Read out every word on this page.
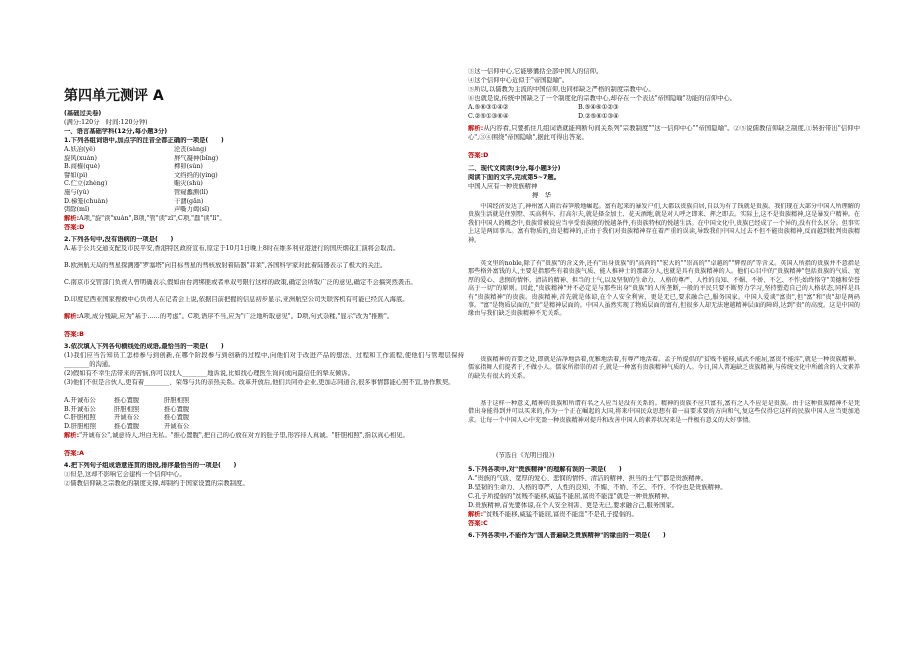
第四单元测评 A
(基础过关卷)
(满分:120分　时间:120分钟)
一、语言基础学科(12分,每小题3分)
1.下列各组词语中,加点字的注音全都正确的一项是(　　)
A.妖冶(yě)	沦丧(sàng)
旋风(xuán)	屏气凝神(bǐng)
B.商榷(què)	榫卯(sǔn)
譬如(pì)	文绉绉的(yíng)
C.伫立(zhèng)	赈灾(shù)
施与(yǔ)	管窥蠡测(lǐ)
D.梯笼(chuàn)	干涸(gān)
弭除(mǐ)	声嘶力竭(sī)
解析:A项,"旋"读"xuàn",B项,"管"读"zǐ",C项,"蠢"读"lǐ"。
答案:D
2.下列各句中,没有语病的一项是(　　)
A.基于公共交通支配及市民平安,香港特区政府宣布,原定于10月1日晚上8时在维多利亚港进行的国庆烟花汇演将会取消。
B.欧洲航天局的彗星探测器"罗塞塔"向目标彗星的彗核放射着陆器"菲莱",各国科学家对此着陆器表示了极大的关注。
C.南京市交管部门负责人曾明确表示,假如由台湾绑匪或者单双号限行这样的政策,确定会所取广泛的意见,确定不会搞突然袭击。
D.印度尼西亚国家搜救中心负责人在记者会上说,依据目前把握的信息初步显示,亚洲航空公司失联客机有可能已经沉入海底。
解析:A项,成分残缺,应为"基于……的考虑"。C项,语序不当,应为"广泛地听取意见"。D项,句式杂糅,"显示"改为"推断"。
答案:B
3.依次填入下列各句横线处的成语,最恰当的一项是(　　)
(1)我们应当告知员工怎样参与到创新,在哪个阶段参与到创新的过程中,向他们对于改进产品的想法、过程和工作流程,使他们与管理层保持________的沟通。
(2)假如有不幸生活带来的苦恼,你可以找人________地诉说,比如找心理医生询问或向最信任的挚友倾诉。
(3)他们不但是合伙人,更有着________、荣辱与共的亲热关系。改革开放后,他们共同办企业,更加志同道合,很多事情都能心照不宣,协作默契。
A.开诚布公	推心置腹	肝胆相照
B.开诚布公	肝胆相照	推心置腹
C.肝胆相照	开诚布公	推心置腹
D.肝胆相照	推心置腹	开诚布公
解析:"开诚布公",诚意待人,坦白无私。"推心置腹",把自己的心放在对方的肚子里,形容待人真诚。"肝胆相照",指以真心相见。
答案:A
4.把下列句子组成语意连贯的语段,排序最恰当的一项是(　　)
①但是,这却不影响它会建构一个信仰中心。
②儒教信仰缺乏宗教化的制度支撑,却制约于国家设置的宗教制度。
③这一信仰中心,它能够囊括全部中国人的信仰。
④这个信仰中心近似于"帝国隐喻"。
⑤所以,以儒教为主流的中国信仰,也同样缺乏严格的制度宗教中心。
⑥也就是说,传统中国缺乏了一个制度化的宗教中心,却存在一个表达"帝国隐喻"功能的信仰中心。
A.⑤⑥③①④②	B.⑤④⑥①②③
C.②⑤①③⑥④	D.②⑤⑥①③④
解析:从内容看,只要抓住几组词语就能判断句间关系列"宗教制度""这一信仰中心""帝国隐喻"。②⑤说儒教信仰缺乏制度,①转折带出"信仰中心",③④围绕"帝国隐喻",据此可得出答案。
答案:D
二、现代文阅读(9分,每小题3分)
阅读下面的文字,完成第5~7题。
中国人应有一种贵族精神
搏　华
中国经济发达了,神州富人雨后春笋般地崛起。富有起来的暴发户们,大都以贵族自居,自以为有了钱就是贵族。我们现在大部分中国人所理解的贵族生活就是住别墅、买高利车、打高尔夫,就是择金加土、花天酒地,就是对人呼之即来、挥之即去。实际上,这不是贵族精神,这是暴发户精神。在我们中国人的概念中,贵族常被说应当享受贵族般的悦越条件,有贵族特权的悦越生活。在中国文化中,贵族已经成了一个异的,没有什么区分。但事实上这是两回事儿。富有物质的,贵是精神的,正由于我们对贵族精神存在着严重的误读,导致我们中国人过去不但不能贵族精神,反而越到批判贵族精神。
英文里的noble,除了有"贵族"的含义外,还有"出身贵族"的"高尚的""宏大的""崇高的""卓越的""辉煌的"等含义。英国人所指的贵族并不意指是那些格外富钱的人,主要是指那些有着贵族气质、能人推神士的那部分人,也就是具有贵族精神的人。他们心目中的"贵族精神"包括贵族的气质、宽厚的爱心、悲悯的情怀、清洁的精神、担当的士气,以及坚韧的生命力、人格的尊严、人性的良知、不媚、不娇、不乞、不怍;始终恪守"美德和荣誉高于一切"的原则。因此,"贵族精神"并不必定是与那些出身"贵族"的人所垄断,一般的平民只要不断努力学习,坚持塑造自己的人格状态,同样是具有"贵族精神"的贵族。贵族精神,首先就是体谅,在个人安全利害、更是无已,要求融合己,服务国家。中国人爱谈"富贵",但"富"和"贵"却是两码事。"富"是物质层面的,"贵"是精神层面的。中国人虽然实现了物质层面的富有,但很多人却无法建越精神层面的障碍,达到"贵"的高度。这是中国的缘由与我们缺乏贵族精神不无关系。
贵族精神的首要之处,即就是洁净地活着,优雅地活着,有尊严地活着。孟子所提倡的"贫贱不能移,威武不能屈,富贵不能淫",就是一种贵族精神。儒家指舞人们提者于,不做小人。儒家所指崇的君子,就是一种富有贵族精神气质的人。今日,国人普遍缺乏贵族精神,与传统文化中所蕴含的人文素养的缺失有很大的关系。
基于这样一种意义,精神的贵族和所谓有名之人应当是没有关系的。精神的贵族不应只富有,富有之人不应是是贵族。由于这种贵族精神不是凭借出身能得到并可以买来的,作为一个正在崛起的大国,将来中国民众思想有着一肩要求要的方向和气,复这些仅得它这样的民族中国人应当更加追求。让每一个中国人心中充盈一种贵族精神对提升和改善中国人的素养状况来是一件极有意义的大好事情。
(节选自《光明日报》)
5.下列各项中,对"贵族精神"的理解有误的一项是(　　)
A."贵族的气质、宽厚的爱心、悲悯的情怀、清洁的精神、担当的士气"都是贵族精神。
B.坚韧的生命力、人格的尊严、人性的良知、不媚、不娇、不乞、不怍、不怜也是贵族精神。
C.孔子所提倡的"贫贱不能移,威猛不能屈,富贵不能淫"就是一种贵族精神。
D.贵族精神,首先要体谅,在个人安全利害、更是无已,要求融合己,服务国家。
解析:"贫贱不能移,威猛不能屈,富贵不能淫"不是孔子提倡的。
答案:C
6.下列各项中,不能作为"国人普遍缺乏贵族精神"的缘由的一项是(　　)
